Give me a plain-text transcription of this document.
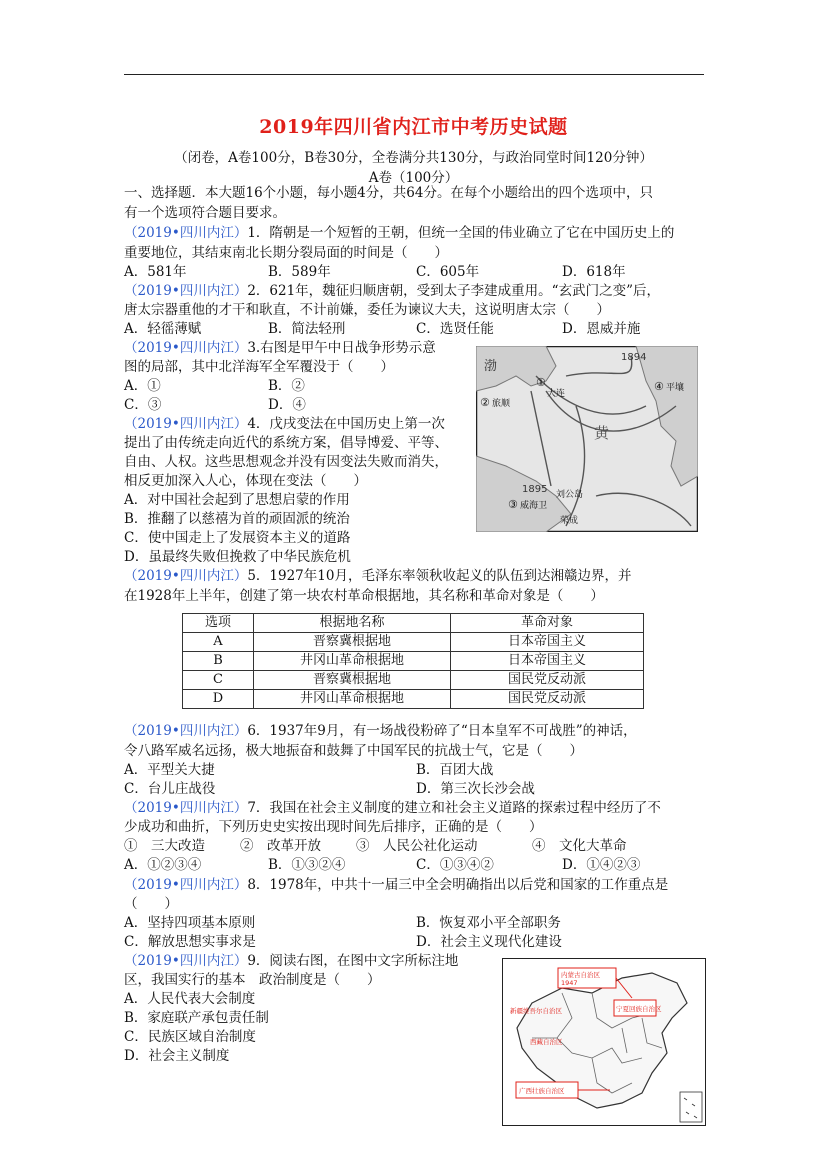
2019年四川省内江市中考历史试题
（闭卷，A卷100分，B卷30分，全卷满分共130分，与政治同堂时间120分钟）
A卷（100分）
一、选择题．本大题16个小题，每小题4分，共64分。在每个小题给出的四个选项中，只
有一个选项符合题目要求。
（2019•四川内江）1．隋朝是一个短暂的王朝，但统一全国的伟业确立了它在中国历史上的
重要地位，其结束南北长期分裂局面的时间是（　　）
A．581年	B．589年	C．605年	D．618年
（2019•四川内江）2．621年，魏征归顺唐朝，受到太子李建成重用。“玄武门之变”后，
唐太宗器重他的才干和耿直，不计前嫌，委任为谏议大夫，这说明唐太宗（　　）
A．轻徭薄赋	B．简法轻刑	C．选贤任能	D．恩威并施
（2019•四川内江）3.右图是甲午中日战争形势示意
图的局部，其中北洋海军全军覆没于（　　）
A．①	B．②
C．③	D．④
渤
1894
①
大连
② 旅顺
④ 平壤
黄
1895
③ 威海卫
刘公岛
荣成
（2019•四川内江）4．戊戌变法在中国历史上第一次
提出了由传统走向近代的系统方案，倡导博爱、平等、
自由、人权。这些思想观念并没有因变法失败而消失，
相反更加深入人心，体现在变法（　　）
A．对中国社会起到了思想启蒙的作用
B．推翻了以慈禧为首的顽固派的统治
C．使中国走上了发展资本主义的道路
D．虽最终失败但挽救了中华民族危机
（2019•四川内江）5．1927年10月，毛泽东率领秋收起义的队伍到达湘赣边界，并
在1928年上半年，创建了第一块农村革命根据地，其名称和革命对象是（　　）
选项	根据地名称	革命对象
A	晋察冀根据地	日本帝国主义
B	井冈山革命根据地	日本帝国主义
C	晋察冀根据地	国民党反动派
D	井冈山革命根据地	国民党反动派
（2019•四川内江）6．1937年9月，有一场战役粉碎了“日本皇军不可战胜”的神话，
令八路军威名远扬，极大地振奋和鼓舞了中国军民的抗战士气，它是（　　）
A．平型关大捷	B．百团大战
C．台儿庄战役	D．第三次长沙会战
（2019•四川内江）7．我国在社会主义制度的建立和社会主义道路的探索过程中经历了不
少成功和曲折，下列历史史实按出现时间先后排序，正确的是（　　）
①　三大改造	②　改革开放	③　人民公社化运动	④　文化大革命
A．①②③④	B．①③②④	C．①③④②	D．①④②③
（2019•四川内江）8．1978年，中共十一届三中全会明确指出以后党和国家的工作重点是
（　　）
A．坚持四项基本原则	B．恢复邓小平全部职务
C．解放思想实事求是	D．社会主义现代化建设
（2019•四川内江）9．阅读右图，在图中文字所标注地
区，我国实行的基本　政治制度是（　　）
A．人民代表大会制度
B．家庭联产承包责任制
C．民族区域自治制度
D．社会主义制度
内蒙古自治区
1947
宁夏回族自治区
新疆维吾尔自治区
西藏自治区
广西壮族自治区
